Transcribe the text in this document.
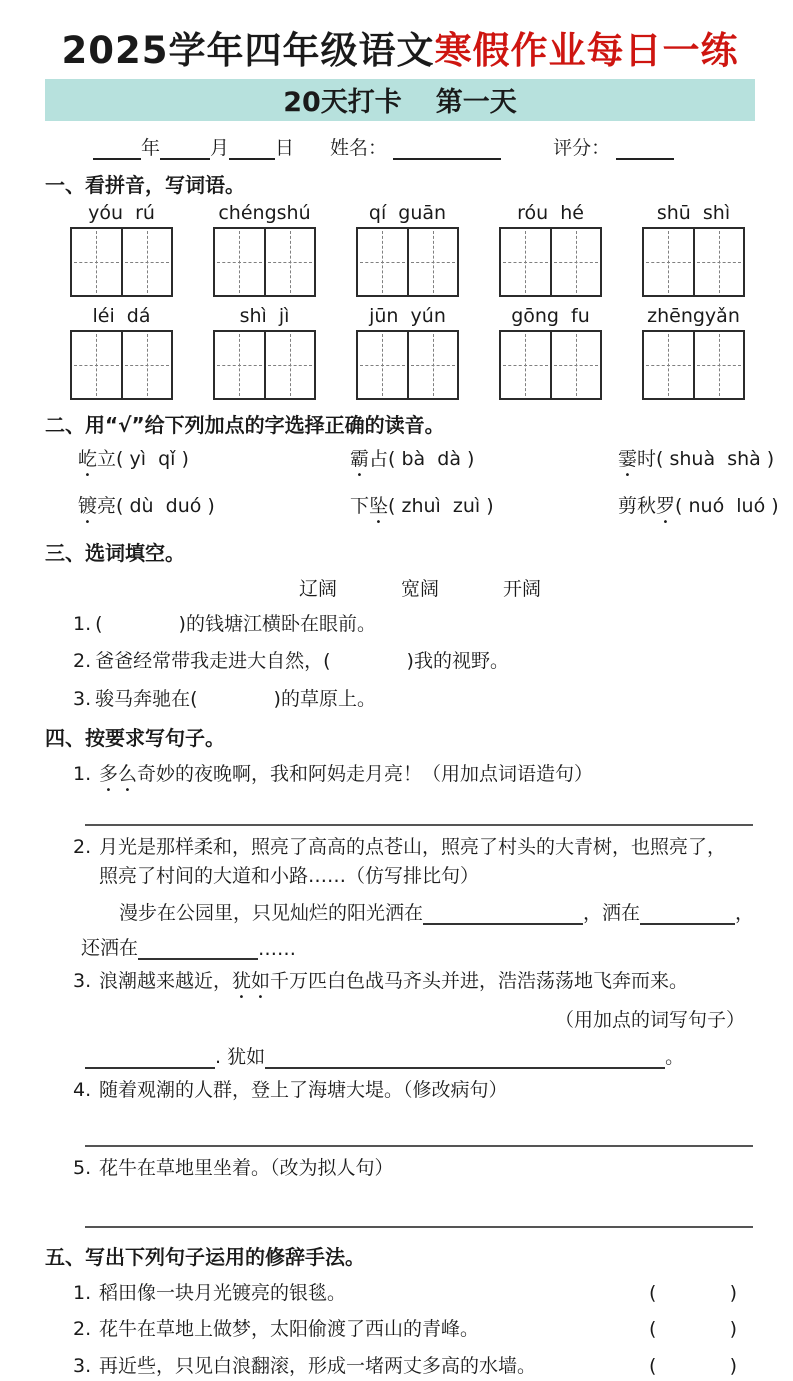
2025学年四年级语文寒假作业每日一练
20天打卡 第一天
年	月 日 姓名：	评分：
一、看拼音，写词语。
yóu  rú	chéngshú	qí  guān	róu  hé	shū  shì
léi  dá	shì  jì	jūn  yún	gōng  fu	zhēngyǎn
二、用“√”给下列加点的字选择正确的读音。
屹立( yì  qǐ )	霸占( bà  dà )	霎时( shuà  shà )
镀亮( dù  duó )	下坠( zhuì  zuì )	剪秋罗( nuó  luó )
三、选词填空。
辽阔	宽阔	开阔
1. (　　　　)的钱塘江横卧在眼前。
2. 爸爸经常带我走进大自然，(　　　　)我的视野。
3. 骏马奔驰在(　　　　)的草原上。
四、按要求写句子。
1. 多么奇妙的夜晚啊，我和阿妈走月亮！（用加点词语造句）
2. 月光是那样柔和，照亮了高高的点苍山，照亮了村头的大青树，也照亮了，
照亮了村间的大道和小路……（仿写排比句）
漫步在公园里，只见灿烂的阳光洒在	，洒在	，
还洒在	……
3. 浪潮越来越近，犹如千万匹白色战马齐头并进，浩浩荡荡地飞奔而来。
（用加点的词写句子）
. 犹如	。
4. 随着观潮的人群，登上了海塘大堤。（修改病句）
5. 花牛在草地里坐着。（改为拟人句）
五、写出下列句子运用的修辞手法。
1. 稻田像一块月光镀亮的银毯。	(	)
2. 花牛在草地上做梦，太阳偷渡了西山的青峰。	(	)
3. 再近些，只见白浪翻滚，形成一堵两丈多高的水墙。	(	)
